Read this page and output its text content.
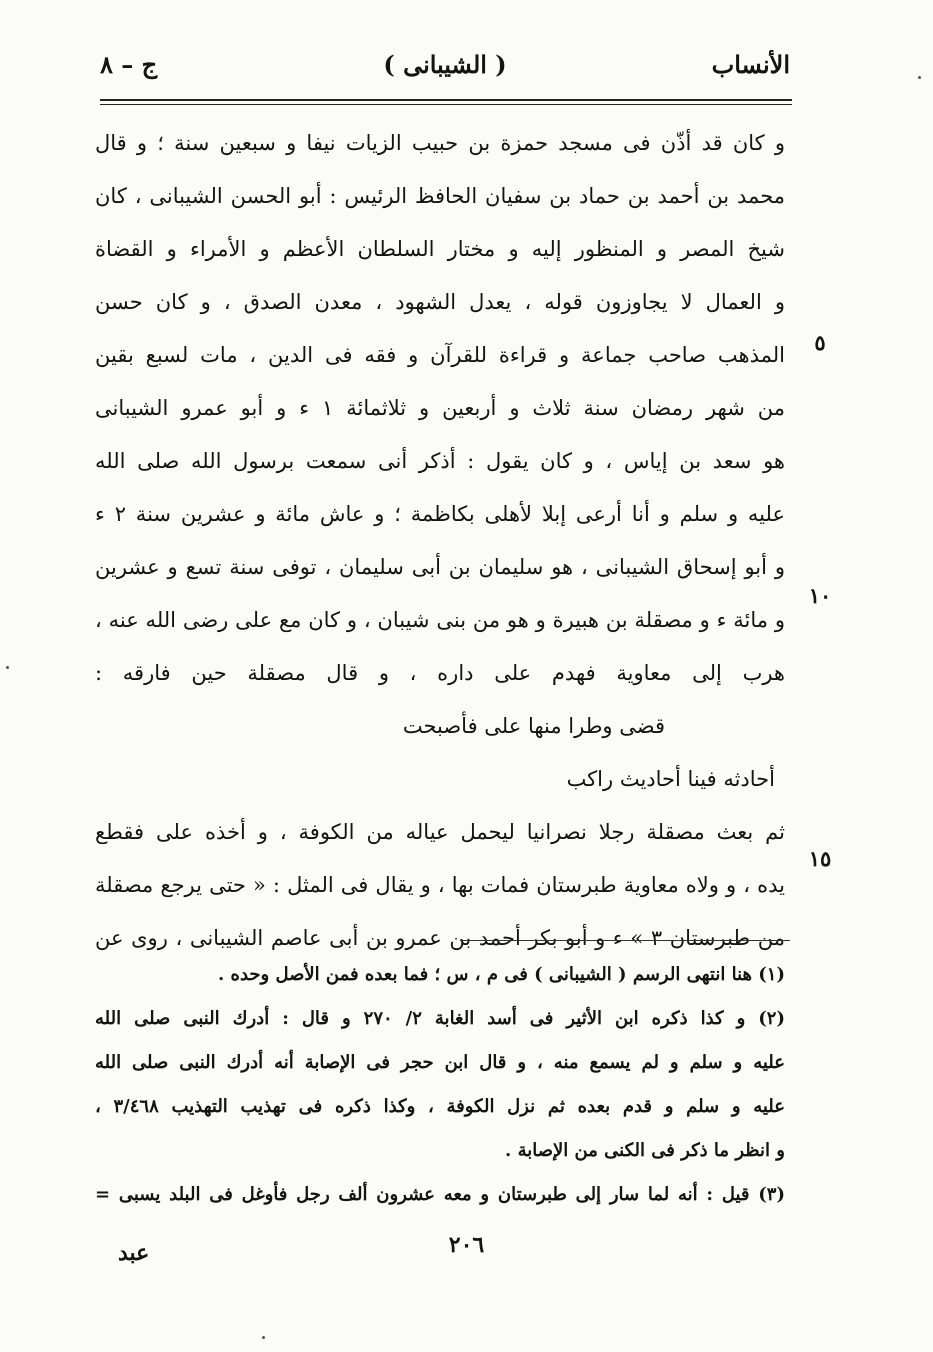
الأنساب
( الشيبانى )
ج – ٨
و كان قد أذّن فى مسجد حمزة بن حبيب الزيات نيفا و سبعين سنة ؛ و قال
محمد بن أحمد بن حماد بن سفيان الحافظ الرئيس : أبو الحسن الشيبانى ، كان
شيخ المصر و المنظور إليه و مختار السلطان الأعظم و الأمراء و القضاة
و العمال لا يجاوزون قوله ، يعدل الشهود ، معدن الصدق ، و كان حسن
المذهب صاحب جماعة و قراءة للقرآن و فقه فى الدين ، مات لسبع بقين
من شهر رمضان سنة ثلاث و أربعين و ثلاثمائة ١ ء و أبو عمرو الشيبانى
هو سعد بن إياس ، و كان يقول : أذكر أنى سمعت برسول الله صلى الله
عليه و سلم و أنا أرعى إبلا لأهلى بكاظمة ؛ و عاش مائة و عشرين سنة ٢ ء
و أبو إسحاق الشيبانى ، هو سليمان بن أبى سليمان ، توفى سنة تسع و عشرين
و مائة ء و مصقلة بن هبيرة و هو من بنى شيبان ، و كان مع على رضى الله عنه ،
هرب إلى معاوية فهدم على داره ، و قال مصقلة حين فارقه :
قضى وطرا منها على فأصبحت
أحادثه فينا أحاديث راكب
ثم بعث مصقلة رجلا نصرانيا ليحمل عياله من الكوفة ، و أخذه على فقطع
يده ، و ولاه معاوية طبرستان فمات بها ، و يقال فى المثل : « حتى يرجع مصقلة
من طبرستان ٣ » ء و أبو بكر أحمد بن عمرو بن أبى عاصم الشيبانى ، روى عن
٥
١٠
١٥
(١) هنا انتهى الرسم ( الشيبانى ) فى م ، س ؛ فما بعده فمن الأصل وحده .
(٢) و كذا ذكره ابن الأثير فى أسد الغابة ٢/ ٢٧٠ و قال : أدرك النبى صلى الله
عليه و سلم و لم يسمع منه ، و قال ابن حجر فى الإصابة أنه أدرك النبى صلى الله
عليه و سلم و قدم بعده ثم نزل الكوفة ، وكذا ذكره فى تهذيب التهذيب ٣/٤٦٨ ،
و انظر ما ذكر فى الكنى من الإصابة .
(٣) قيل : أنه لما سار إلى طبرستان و معه عشرون ألف رجل فأوغل فى البلد يسبى =
٢٠٦
عبد
